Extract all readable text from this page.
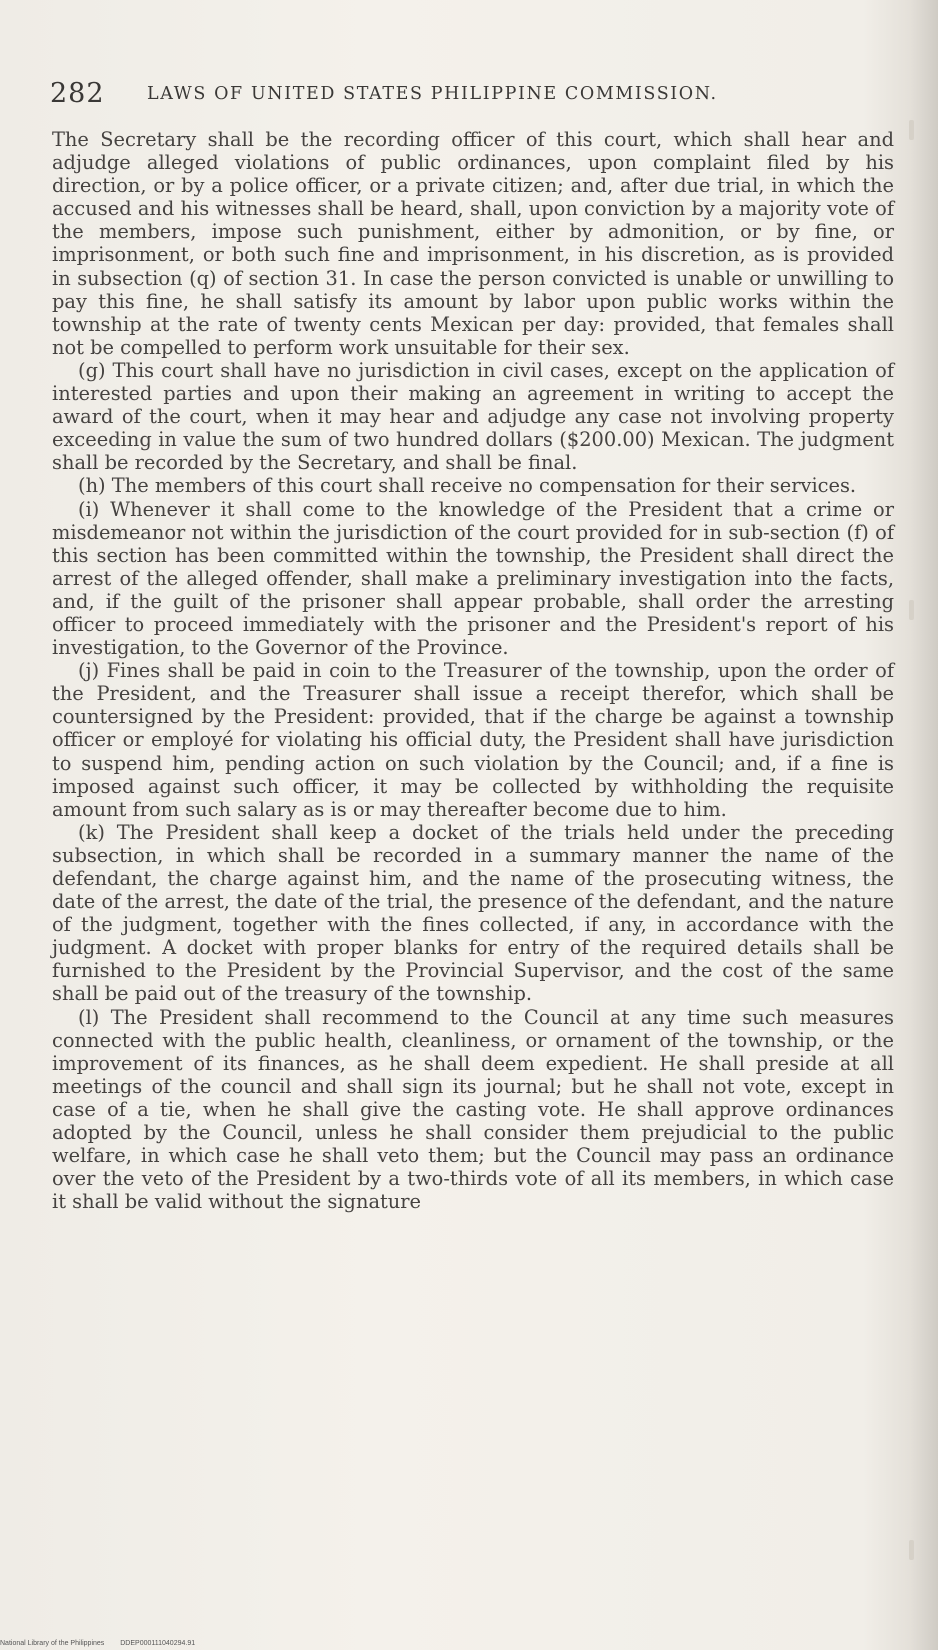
282 LAWS OF UNITED STATES PHILIPPINE COMMISSION.

The Secretary shall be the recording officer of this court, which shall hear and adjudge alleged violations of public ordinances, upon complaint filed by his direction, or by a police officer, or a private citizen; and, after due trial, in which the accused and his witnesses shall be heard, shall, upon conviction by a majority vote of the members, impose such punishment, either by admonition, or by fine, or imprisonment, or both such fine and imprisonment, in his discretion, as is provided in subsection (q) of section 31. In case the person convicted is unable or unwilling to pay this fine, he shall satisfy its amount by labor upon public works within the township at the rate of twenty cents Mexican per day: provided, that females shall not be compelled to perform work unsuitable for their sex.

(g) This court shall have no jurisdiction in civil cases, except on the application of interested parties and upon their making an agreement in writing to accept the award of the court, when it may hear and adjudge any case not involving property exceeding in value the sum of two hundred dollars ($200.00) Mexican. The judgment shall be recorded by the Secretary, and shall be final.

(h) The members of this court shall receive no compensation for their services.

(i) Whenever it shall come to the knowledge of the President that a crime or misdemeanor not within the jurisdiction of the court provided for in sub-section (f) of this section has been committed within the township, the President shall direct the arrest of the alleged offender, shall make a preliminary investigation into the facts, and, if the guilt of the prisoner shall appear probable, shall order the arresting officer to proceed immediately with the prisoner and the President's report of his investigation, to the Governor of the Province.

(j) Fines shall be paid in coin to the Treasurer of the township, upon the order of the President, and the Treasurer shall issue a receipt therefor, which shall be countersigned by the President: provided, that if the charge be against a township officer or employé for violating his official duty, the President shall have jurisdiction to suspend him, pending action on such violation by the Council; and, if a fine is imposed against such officer, it may be collected by withholding the requisite amount from such salary as is or may thereafter become due to him.

(k) The President shall keep a docket of the trials held under the preceding subsection, in which shall be recorded in a summary manner the name of the defendant, the charge against him, and the name of the prosecuting witness, the date of the arrest, the date of the trial, the presence of the defendant, and the nature of the judgment, together with the fines collected, if any, in accordance with the judgment. A docket with proper blanks for entry of the required details shall be furnished to the President by the Provincial Supervisor, and the cost of the same shall be paid out of the treasury of the township.

(l) The President shall recommend to the Council at any time such measures connected with the public health, cleanliness, or ornament of the township, or the improvement of its finances, as he shall deem expedient. He shall preside at all meetings of the council and shall sign its journal; but he shall not vote, except in case of a tie, when he shall give the casting vote. He shall approve ordinances adopted by the Council, unless he shall consider them prejudicial to the public welfare, in which case he shall veto them; but the Council may pass an ordinance over the veto of the President by a two-thirds vote of all its members, in which case it shall be valid without the signature

National Library of the Philippines DDEP000111040294.91
